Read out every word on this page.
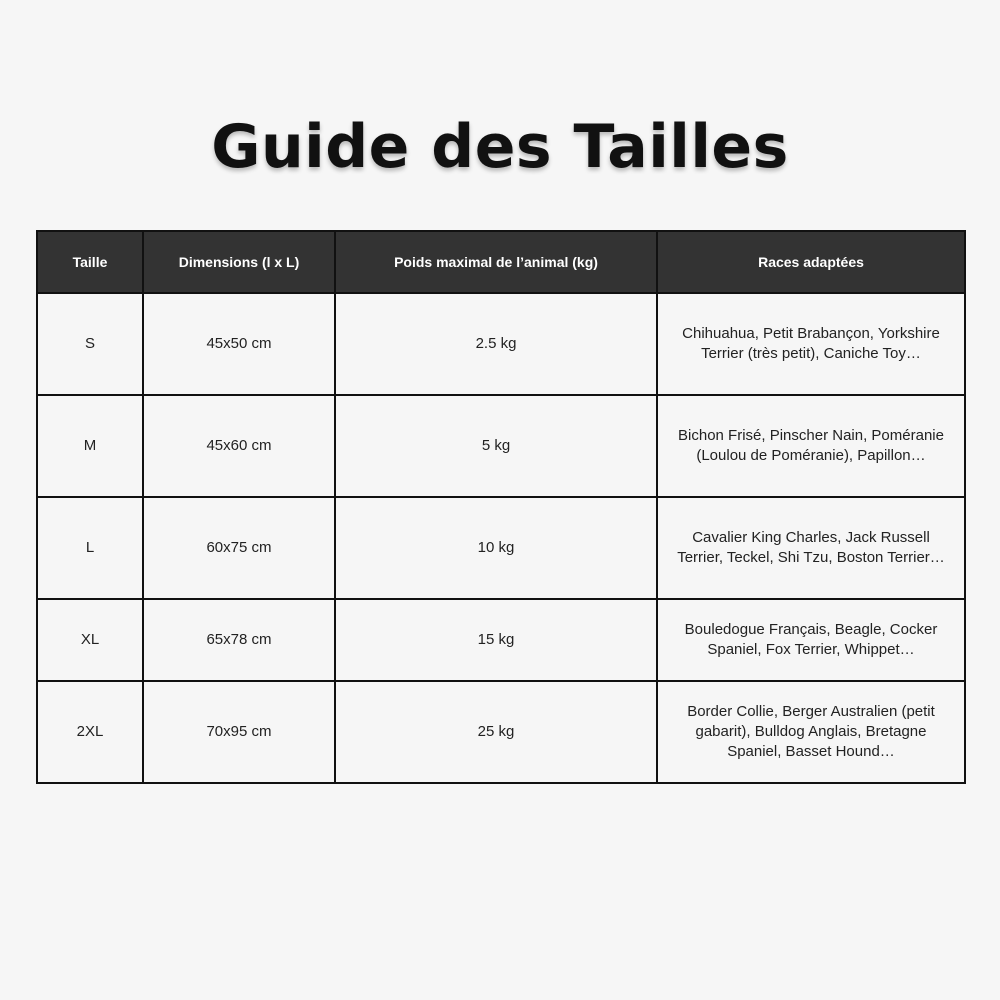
Guide des Tailles
Taille	Dimensions (l x L)	Poids maximal de l’animal (kg)	Races adaptées
S	45x50 cm	2.5 kg	Chihuahua, Petit Brabançon, Yorkshire Terrier (très petit), Caniche Toy…
M	45x60 cm	5 kg	Bichon Frisé, Pinscher Nain, Poméranie (Loulou de Poméranie), Papillon…
L	60x75 cm	10 kg	Cavalier King Charles, Jack Russell Terrier, Teckel, Shi Tzu, Boston Terrier…
XL	65x78 cm	15 kg	Bouledogue Français, Beagle, Cocker Spaniel, Fox Terrier, Whippet…
2XL	70x95 cm	25 kg	Border Collie, Berger Australien (petit gabarit), Bulldog Anglais, Bretagne Spaniel, Basset Hound…
